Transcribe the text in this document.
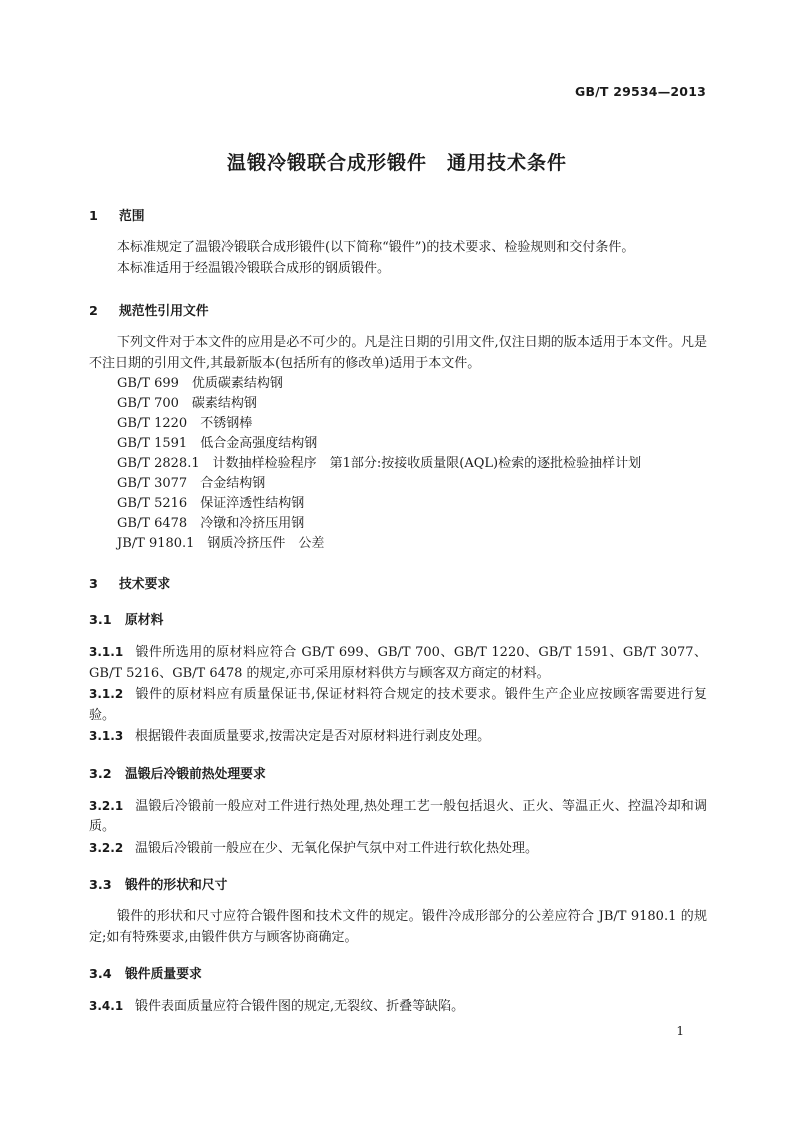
GB/T 29534—2013
温锻冷锻联合成形锻件　通用技术条件
1 范围

本标准规定了温锻冷锻联合成形锻件(以下简称“锻件”)的技术要求、检验规则和交付条件。

本标准适用于经温锻冷锻联合成形的钢质锻件。

2 规范性引用文件

下列文件对于本文件的应用是必不可少的。凡是注日期的引用文件,仅注日期的版本适用于本文件。凡是不注日期的引用文件,其最新版本(包括所有的修改单)适用于本文件。

GB/T 699　优质碳素结构钢
GB/T 700　碳素结构钢
GB/T 1220　不锈钢棒
GB/T 1591　低合金高强度结构钢
GB/T 2828.1　计数抽样检验程序　第1部分:按接收质量限(AQL)检索的逐批检验抽样计划
GB/T 3077　合金结构钢
GB/T 5216　保证淬透性结构钢
GB/T 6478　冷镦和冷挤压用钢
JB/T 9180.1　钢质冷挤压件　公差
3 技术要求
3.1 原材料

3.1.1 锻件所选用的原材料应符合 GB/T 699、GB/T 700、GB/T 1220、GB/T 1591、GB/T 3077、GB/T 5216、GB/T 6478 的规定,亦可采用原材料供方与顾客双方商定的材料。

3.1.2 锻件的原材料应有质量保证书,保证材料符合规定的技术要求。锻件生产企业应按顾客需要进行复验。

3.1.3 根据锻件表面质量要求,按需决定是否对原材料进行剥皮处理。

3.2 温锻后冷锻前热处理要求

3.2.1 温锻后冷锻前一般应对工件进行热处理,热处理工艺一般包括退火、正火、等温正火、控温冷却和调质。

3.2.2 温锻后冷锻前一般应在少、无氧化保护气氛中对工件进行软化热处理。

3.3 锻件的形状和尺寸

锻件的形状和尺寸应符合锻件图和技术文件的规定。锻件冷成形部分的公差应符合 JB/T 9180.1 的规定;如有特殊要求,由锻件供方与顾客协商确定。

3.4 锻件质量要求

3.4.1 锻件表面质量应符合锻件图的规定,无裂纹、折叠等缺陷。

1
